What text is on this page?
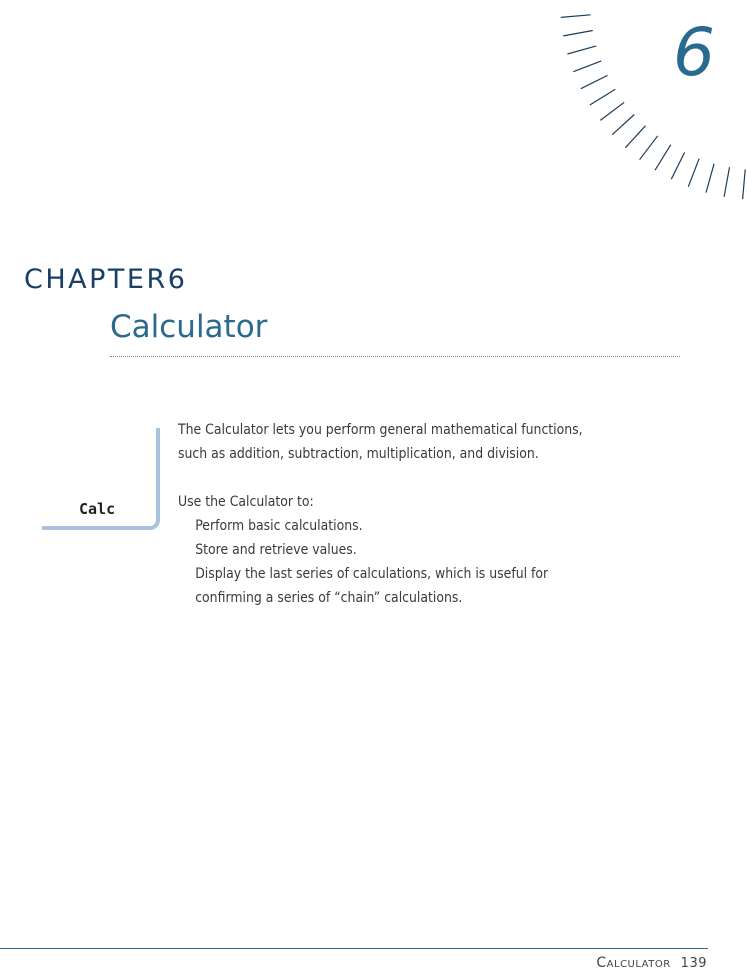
6
CHAPTER6
Calculator
Calc

The Calculator lets you perform general mathematical functions,

such as addition, subtraction, multiplication, and division.

Use the Calculator to:

Perform basic calculations.
Store and retrieve values.
Display the last series of calculations, which is useful for
confirming a series of “chain” calculations.
Calculator 139
